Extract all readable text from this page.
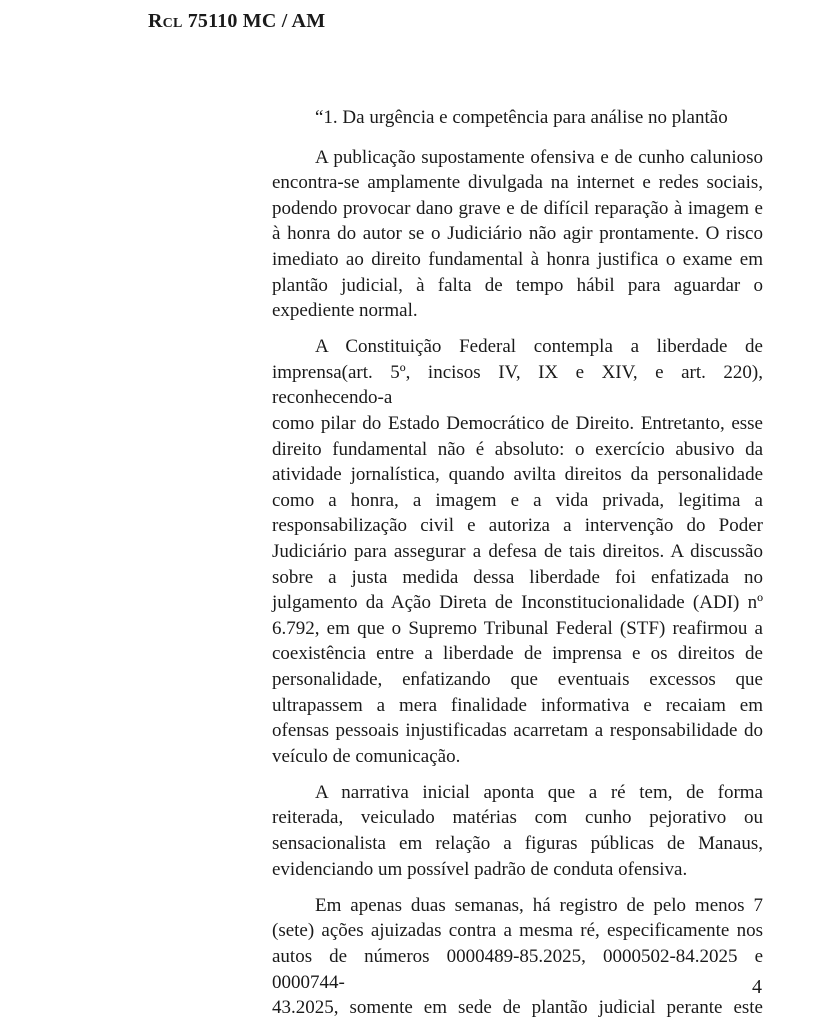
Rcl 75110 MC / AM
“1. Da urgência e competência para análise no plantão
A publicação supostamente ofensiva e de cunho calunioso
encontra-se amplamente divulgada na internet e redes sociais,
podendo provocar dano grave e de difícil reparação à imagem e
à honra do autor se o Judiciário não agir prontamente. O risco
imediato ao direito fundamental à honra justifica o exame em
plantão judicial, à falta de tempo hábil para aguardar o
expediente normal.
A Constituição Federal contempla a liberdade de
imprensa(art. 5º, incisos IV, IX e XIV, e art. 220), reconhecendo-a
como pilar do Estado Democrático de Direito. Entretanto, esse
direito fundamental não é absoluto: o exercício abusivo da
atividade jornalística, quando avilta direitos da personalidade
como a honra, a imagem e a vida privada, legitima a
responsabilização civil e autoriza a intervenção do Poder
Judiciário para assegurar a defesa de tais direitos. A discussão
sobre a justa medida dessa liberdade foi enfatizada no
julgamento da Ação Direta de Inconstitucionalidade (ADI) nº
6.792, em que o Supremo Tribunal Federal (STF) reafirmou a
coexistência entre a liberdade de imprensa e os direitos de
personalidade, enfatizando que eventuais excessos que
ultrapassem a mera finalidade informativa e recaiam em
ofensas pessoais injustificadas acarretam a responsabilidade do
veículo de comunicação.
A narrativa inicial aponta que a ré tem, de forma
reiterada, veiculado matérias com cunho pejorativo ou
sensacionalista em relação a figuras públicas de Manaus,
evidenciando um possível padrão de conduta ofensiva.
Em apenas duas semanas, há registro de pelo menos 7
(sete) ações ajuizadas contra a mesma ré, especificamente nos
autos de números 0000489-85.2025, 0000502-84.2025 e 0000744-
43.2025, somente em sede de plantão judicial perante este
4
